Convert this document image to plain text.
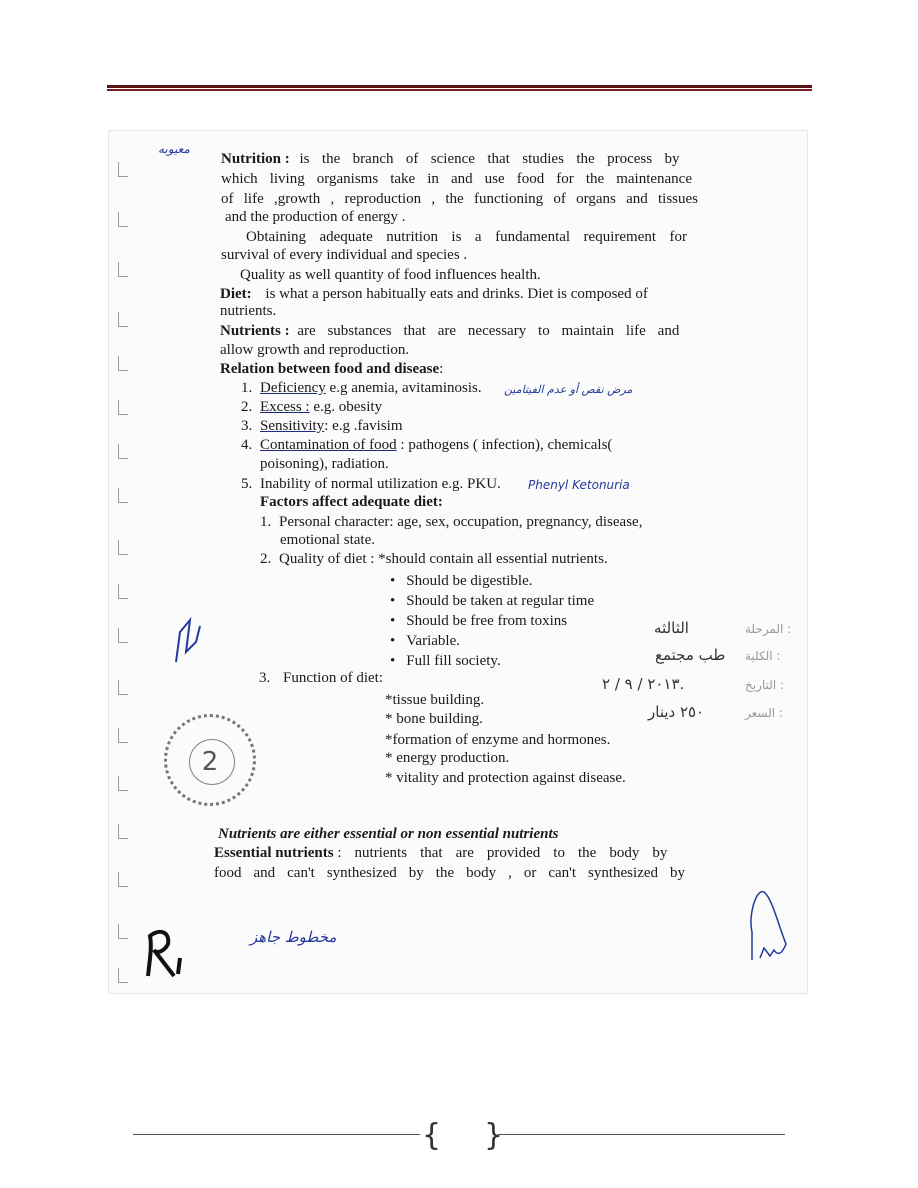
معيوبه
Nutrition : is the branch of science that studies the process by
which living organisms take in and use food for the maintenance
of life ,growth , reproduction , the functioning of organs and tissues
and the production of energy .
Obtaining adequate nutrition is a fundamental requirement for
survival of every individual and species .
Quality as well quantity of food influences health.
Diet: is what a person habitually eats and drinks. Diet is composed of
nutrients.
Nutrients : are substances that are necessary to maintain life and
allow growth and reproduction.
Relation between food and disease:
1. Deficiency e.g anemia, avitaminosis.
2. Excess : e.g. obesity
3. Sensitivity: e.g .favisim
4. Contamination of food : pathogens ( infection), chemicals(
poisoning), radiation.
5. Inability of normal utilization e.g. PKU.
مرض نقص أو عدم الفيتامين
Phenyl Ketonuria
Factors affect adequate diet:
1. Personal character: age, sex, occupation, pregnancy, disease,
emotional state.
2. Quality of diet : *should contain all essential nutrients.
• Should be digestible.
• Should be taken at regular time
• Should be free from toxins
• Variable.
• Full fill society.
3. Function of diet:
*tissue building.
* bone building.
*formation of enzyme and hormones.
* energy production.
* vitality and protection against disease.
المرحلة :
الثالثه
الكلية :
طب مجتمع
التاريخ :
٢٠١٣ / ٩ / ٢.
السعر :
٢٥٠ دينار
2
Nutrients are either essential or non essential nutrients
Essential nutrients : nutrients that are provided to the body by
food and can't synthesized by the body , or can't synthesized by
مخطوط جاهز
{ }
